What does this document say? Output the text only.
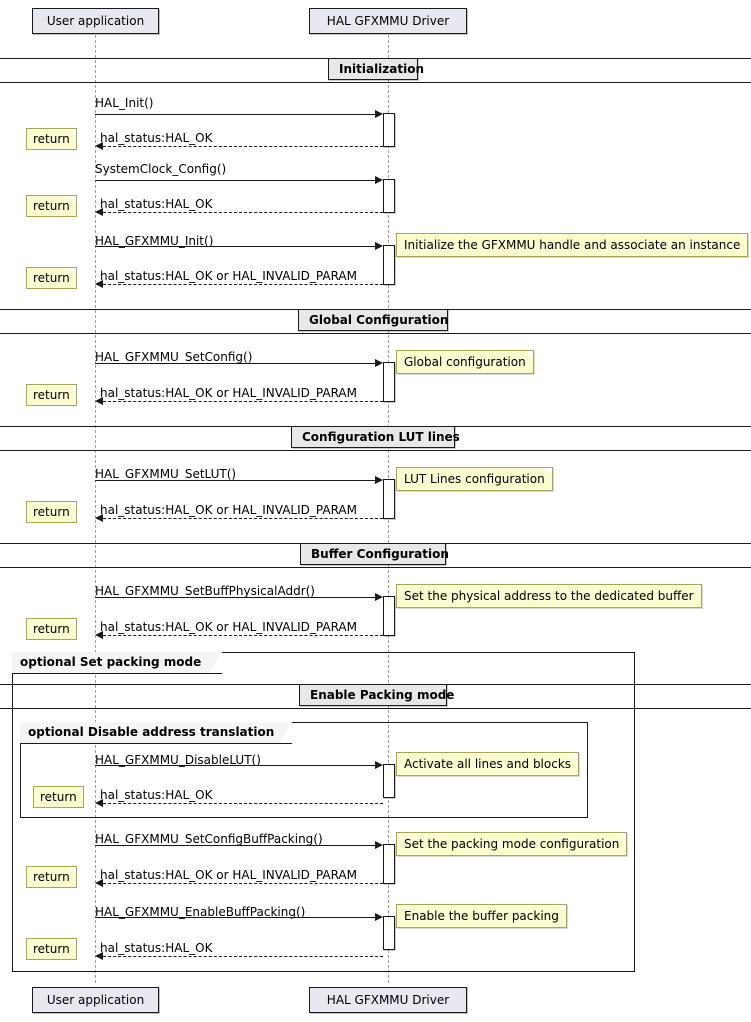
User application	HAL GFXMMU Driver
Initialization
HAL_Init()
return	hal_status:HAL_OK
SystemClock_Config()
return	hal_status:HAL_OK
HAL_GFXMMU_Init()	Initialize the GFXMMU handle and associate an instance
return	hal_status:HAL_OK or HAL_INVALID_PARAM
Global Configuration
HAL_GFXMMU_SetConfig()	Global configuration
return	hal_status:HAL_OK or HAL_INVALID_PARAM
Configuration LUT lines
HAL_GFXMMU_SetLUT()	LUT Lines configuration
return	hal_status:HAL_OK or HAL_INVALID_PARAM
Buffer Configuration
HAL_GFXMMU_SetBuffPhysicalAddr()	Set the physical address to the dedicated buffer
return	hal_status:HAL_OK or HAL_INVALID_PARAM
optional Set packing mode
Enable Packing mode
optional Disable address translation
HAL_GFXMMU_DisableLUT()	Activate all lines and blocks
return	hal_status:HAL_OK
HAL_GFXMMU_SetConfigBuffPacking()	Set the packing mode configuration
return	hal_status:HAL_OK or HAL_INVALID_PARAM
HAL_GFXMMU_EnableBuffPacking()	Enable the buffer packing
return	hal_status:HAL_OK
User application	HAL GFXMMU Driver
